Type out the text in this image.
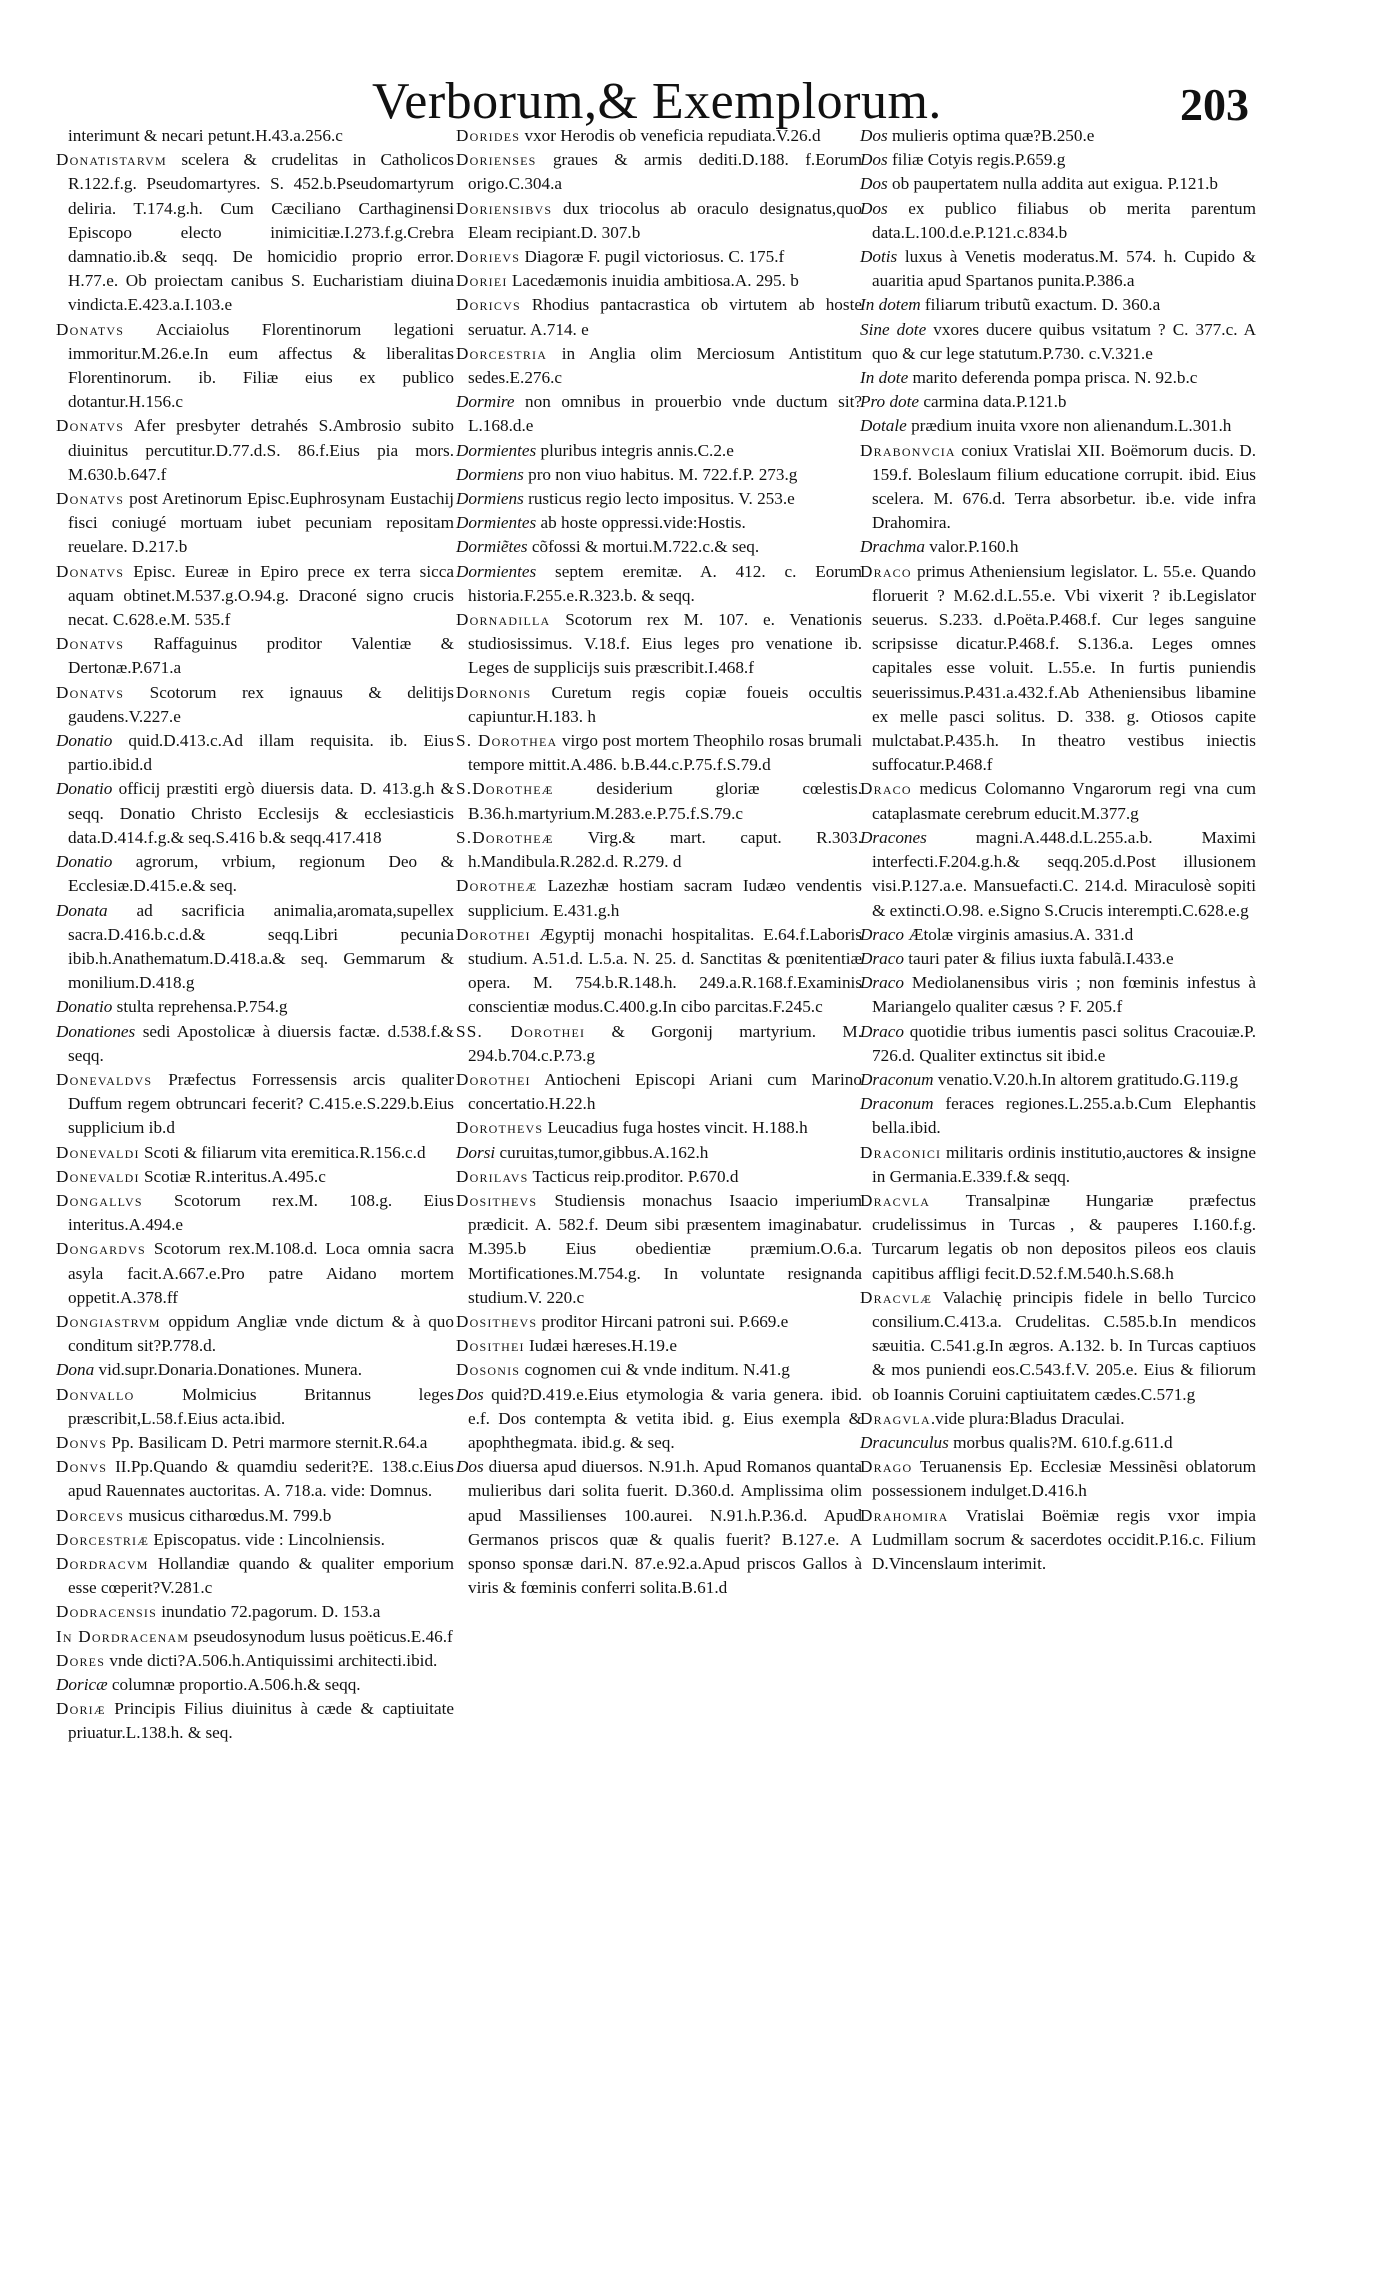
Verborum,& Exemplorum.	203

interimunt & necari petunt.H.43.a.256.c

Donatistarvm scelera & crudelitas in Catholicos R.122.f.g. Pseudomartyres. S. 452.b.Pseudomartyrum deliria. T.174.g.h. Cum Cæciliano Carthaginensi Episcopo electo inimicitiæ.I.273.f.g.Crebra damnatio.ib.& seqq. De homicidio proprio error. H.77.e. Ob proiectam canibus S. Eucharistiam diuina vindicta.E.423.a.I.103.e

Donatvs Acciaiolus Florentinorum legationi immoritur.M.26.e.In eum affectus & liberalitas Florentinorum. ib. Filiæ eius ex publico dotantur.H.156.c

Donatvs Afer presbyter detrahés S.Ambrosio subito diuinitus percutitur.D.77.d.S. 86.f.Eius pia mors. M.630.b.647.f

Donatvs post Aretinorum Episc.Euphrosynam Eustachij fisci coniugé mortuam iubet pecuniam repositam reuelare. D.217.b

Donatvs Episc. Eureæ in Epiro prece ex terra sicca aquam obtinet.M.537.g.O.94.g. Draconé signo crucis necat. C.628.e.M. 535.f

Donatvs Raffaguinus proditor Valentiæ & Dertonæ.P.671.a

Donatvs Scotorum rex ignauus & delitijs gaudens.V.227.e

Donatio quid.D.413.c.Ad illam requisita. ib. Eius partio.ibid.d

Donatio officij præstiti ergò diuersis data. D. 413.g.h & seqq. Donatio Christo Ecclesijs & ecclesiasticis data.D.414.f.g.& seq.S.416 b.& seqq.417.418

Donatio agrorum, vrbium, regionum Deo & Ecclesiæ.D.415.e.& seq.

Donata ad sacrificia animalia,aromata,supellex sacra.D.416.b.c.d.& seqq.Libri pecunia ibib.h.Anathematum.D.418.a.& seq. Gemmarum & monilium.D.418.g

Donatio stulta reprehensa.P.754.g

Donationes sedi Apostolicæ à diuersis factæ. d.538.f.& seqq.

Donevaldvs Præfectus Forressensis arcis qualiter Duffum regem obtruncari fecerit? C.415.e.S.229.b.Eius supplicium ib.d

Donevaldi Scoti & filiarum vita eremitica.R.156.c.d

Donevaldi Scotiæ R.interitus.A.495.c

Dongallvs Scotorum rex.M. 108.g. Eius interitus.A.494.e

Dongardvs Scotorum rex.M.108.d. Loca omnia sacra asyla facit.A.667.e.Pro patre Aidano mortem oppetit.A.378.ff

Dongiastrvm oppidum Angliæ vnde dictum & à quo conditum sit?P.778.d.

Dona vid.supr.Donaria.Donationes. Munera.

Donvallo Molmicius Britannus leges præscribit,L.58.f.Eius acta.ibid.

Donvs Pp. Basilicam D. Petri marmore sternit.R.64.a

Donvs II.Pp.Quando & quamdiu sederit?E. 138.c.Eius apud Rauennates auctoritas. A. 718.a. vide: Domnus.

Dorcevs musicus citharœdus.M. 799.b

Dorcestriæ Episcopatus. vide : Lincolniensis.

Dordracvm Hollandiæ quando & qualiter emporium esse cœperit?V.281.c

Dodracensis inundatio 72.pagorum. D. 153.a

In Dordracenam pseudosynodum lusus poëticus.E.46.f

Dores vnde dicti?A.506.h.Antiquissimi architecti.ibid.

Doricæ columnæ proportio.A.506.h.& seqq.

Doriæ Principis Filius diuinitus à cæde & captiuitate priuatur.L.138.h. & seq.

Dorides vxor Herodis ob veneficia repudiata.V.26.d

Dorienses graues & armis dediti.D.188. f.Eorum origo.C.304.a

Doriensibvs dux triocolus ab oraculo designatus,quo Eleam recipiant.D. 307.b

Dorievs Diagoræ F. pugil victoriosus. C. 175.f

Doriei Lacedæmonis inuidia ambitiosa.A. 295. b

Doricvs Rhodius pantacrastica ob virtutem ab hoste seruatur. A.714. e

Dorcestria in Anglia olim Merciosum Antistitum sedes.E.276.c

Dormire non omnibus in prouerbio vnde ductum sit?L.168.d.e

Dormientes pluribus integris annis.C.2.e

Dormiens pro non viuo habitus. M. 722.f.P. 273.g

Dormiens rusticus regio lecto impositus. V. 253.e

Dormientes ab hoste oppressi.vide:Hostis.

Dormiẽtes cõfossi & mortui.M.722.c.& seq.

Dormientes septem eremitæ. A. 412. c. Eorum historia.F.255.e.R.323.b. & seqq.

Dornadilla Scotorum rex M. 107. e. Venationis studiosissimus. V.18.f. Eius leges pro venatione ib. Leges de supplicijs suis præscribit.I.468.f

Dornonis Curetum regis copiæ foueis occultis capiuntur.H.183. h

S. Dorothea virgo post mortem Theophilo rosas brumali tempore mittit.A.486. b.B.44.c.P.75.f.S.79.d

S.Dorotheæ desiderium gloriæ cœlestis. B.36.h.martyrium.M.283.e.P.75.f.S.79.c

S.Dorotheæ Virg.& mart. caput. R.303. h.Mandibula.R.282.d. R.279. d

Dorotheæ Lazezhæ hostiam sacram Iudæo vendentis supplicium. E.431.g.h

Dorothei Ægyptij monachi hospitalitas. E.64.f.Laboris studium. A.51.d. L.5.a. N. 25. d. Sanctitas & pœnitentiæ opera. M. 754.b.R.148.h. 249.a.R.168.f.Examinis conscientiæ modus.C.400.g.In cibo parcitas.F.245.c

SS. Dorothei & Gorgonij martyrium. M. 294.b.704.c.P.73.g

Dorothei Antiocheni Episcopi Ariani cum Marino concertatio.H.22.h

Dorothevs Leucadius fuga hostes vincit. H.188.h

Dorsi curuitas,tumor,gibbus.A.162.h

Dorilavs Tacticus reip.proditor. P.670.d

Dosithevs Studiensis monachus Isaacio imperium prædicit. A. 582.f. Deum sibi præsentem imaginabatur. M.395.b Eius obedientiæ præmium.O.6.a. Mortificationes.M.754.g. In voluntate resignanda studium.V. 220.c

Dosithevs proditor Hircani patroni sui. P.669.e

Dosithei Iudæi hæreses.H.19.e

Dosonis cognomen cui & vnde inditum. N.41.g

Dos quid?D.419.e.Eius etymologia & varia genera. ibid. e.f. Dos contempta & vetita ibid. g. Eius exempla & apophthegmata. ibid.g. & seq.

Dos diuersa apud diuersos. N.91.h. Apud Romanos quanta mulieribus dari solita fuerit. D.360.d. Amplissima olim apud Massilienses 100.aurei. N.91.h.P.36.d. Apud Germanos priscos quæ & qualis fuerit? B.127.e. A sponso sponsæ dari.N. 87.e.92.a.Apud priscos Gallos à viris & fœminis conferri solita.B.61.d

Dos mulieris optima quæ?B.250.e

Dos filiæ Cotyis regis.P.659.g

Dos ob paupertatem nulla addita aut exigua. P.121.b

Dos ex publico filiabus ob merita parentum data.L.100.d.e.P.121.c.834.b

Dotis luxus à Venetis moderatus.M. 574. h. Cupido & auaritia apud Spartanos punita.P.386.a

In dotem filiarum tributũ exactum. D. 360.a

Sine dote vxores ducere quibus vsitatum ? C. 377.c. A quo & cur lege statutum.P.730. c.V.321.e

In dote marito deferenda pompa prisca. N. 92.b.c

Pro dote carmina data.P.121.b

Dotale prædium inuita vxore non alienandum.L.301.h

Drabonvcia coniux Vratislai XII. Boëmorum ducis. D. 159.f. Boleslaum filium educatione corrupit. ibid. Eius scelera. M. 676.d. Terra absorbetur. ib.e. vide infra Drahomira.

Drachma valor.P.160.h

Draco primus Atheniensium legislator. L. 55.e. Quando floruerit ? M.62.d.L.55.e. Vbi vixerit ? ib.Legislator seuerus. S.233. d.Poëta.P.468.f. Cur leges sanguine scripsisse dicatur.P.468.f. S.136.a. Leges omnes capitales esse voluit. L.55.e. In furtis puniendis seuerissimus.P.431.a.432.f.Ab Atheniensibus libamine ex melle pasci solitus. D. 338. g. Otiosos capite mulctabat.P.435.h. In theatro vestibus iniectis suffocatur.P.468.f

Draco medicus Colomanno Vngarorum regi vna cum cataplasmate cerebrum educit.M.377.g

Dracones magni.A.448.d.L.255.a.b. Maximi interfecti.F.204.g.h.& seqq.205.d.Post illusionem visi.P.127.a.e. Mansuefacti.C. 214.d. Miraculosè sopiti & extincti.O.98. e.Signo S.Crucis interempti.C.628.e.g

Draco Ætolæ virginis amasius.A. 331.d

Draco tauri pater & filius iuxta fabulã.I.433.e

Draco Mediolanensibus viris ; non fœminis infestus à Mariangelo qualiter cæsus ? F. 205.f

Draco quotidie tribus iumentis pasci solitus Cracouiæ.P. 726.d. Qualiter extinctus sit ibid.e

Draconum venatio.V.20.h.In altorem gratitudo.G.119.g

Draconum feraces regiones.L.255.a.b.Cum Elephantis bella.ibid.

Draconici militaris ordinis institutio,auctores & insigne in Germania.E.339.f.& seqq.

Dracvla Transalpinæ Hungariæ præfectus crudelissimus in Turcas , & pauperes I.160.f.g. Turcarum legatis ob non depositos pileos eos clauis capitibus affligi fecit.D.52.f.M.540.h.S.68.h

Dracvlæ Valachię principis fidele in bello Turcico consilium.C.413.a. Crudelitas. C.585.b.In mendicos sæuitia. C.541.g.In ægros. A.132. b. In Turcas captiuos & mos puniendi eos.C.543.f.V. 205.e. Eius & filiorum ob Ioannis Coruini captiuitatem cædes.C.571.g

Dragvla.vide plura:Bladus Draculai.

Dracunculus morbus qualis?M. 610.f.g.611.d

Drago Teruanensis Ep. Ecclesiæ Messinẽsi oblatorum possessionem indulget.D.416.h

Drahomira Vratislai Boëmiæ regis vxor impia Ludmillam socrum & sacerdotes occidit.P.16.c. Filium D.Vincenslaum interimit.
